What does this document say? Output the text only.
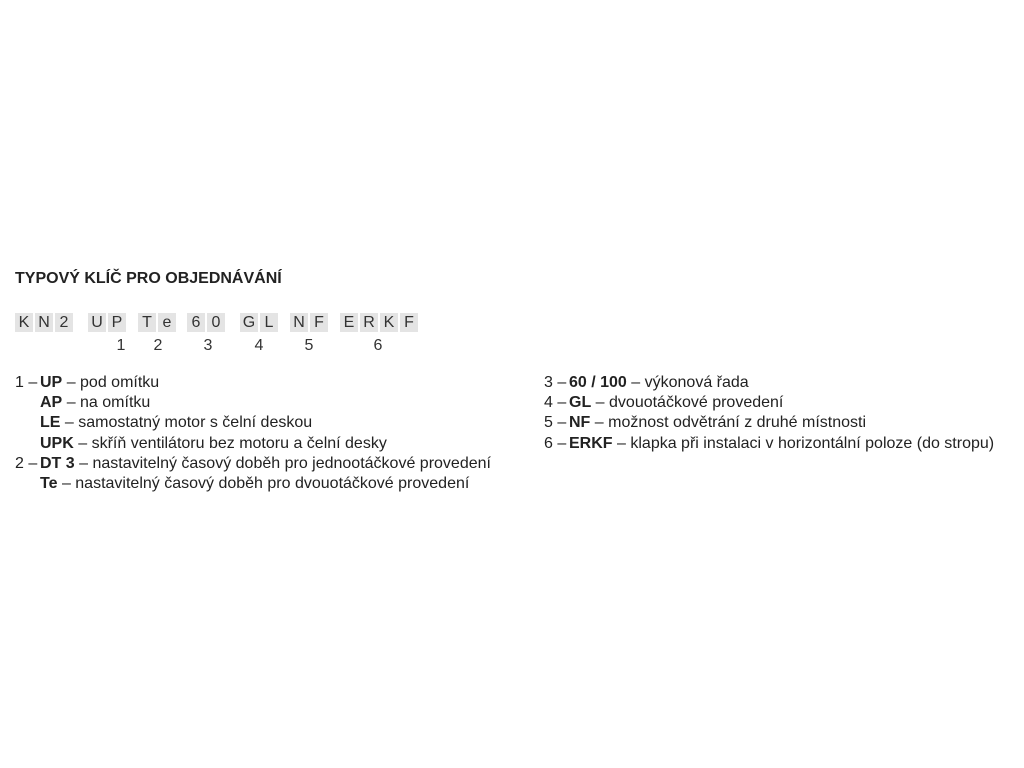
TYPOVÝ KLÍČ PRO OBJEDNÁVÁNÍ
K N 2 U P T e 6 0 G L N F E R K F
1	2	3	4	5	6
1 – UP
– pod omítku
AP
– na omítku
LE
– samostatný motor s čelní deskou
UPK
– skříň ventilátoru bez motoru a čelní desky
2 – DT 3
– nastavitelný časový doběh pro jednootáčkové provedení
Te
– nastavitelný časový doběh pro dvouotáčkové provedení
3 – 60 / 100
– výkonová řada
4 – GL
– dvouotáčkové provedení
5 – NF
– možnost odvětrání z druhé místnosti
6 – ERKF
– klapka při instalaci v horizontální poloze (do stropu)
